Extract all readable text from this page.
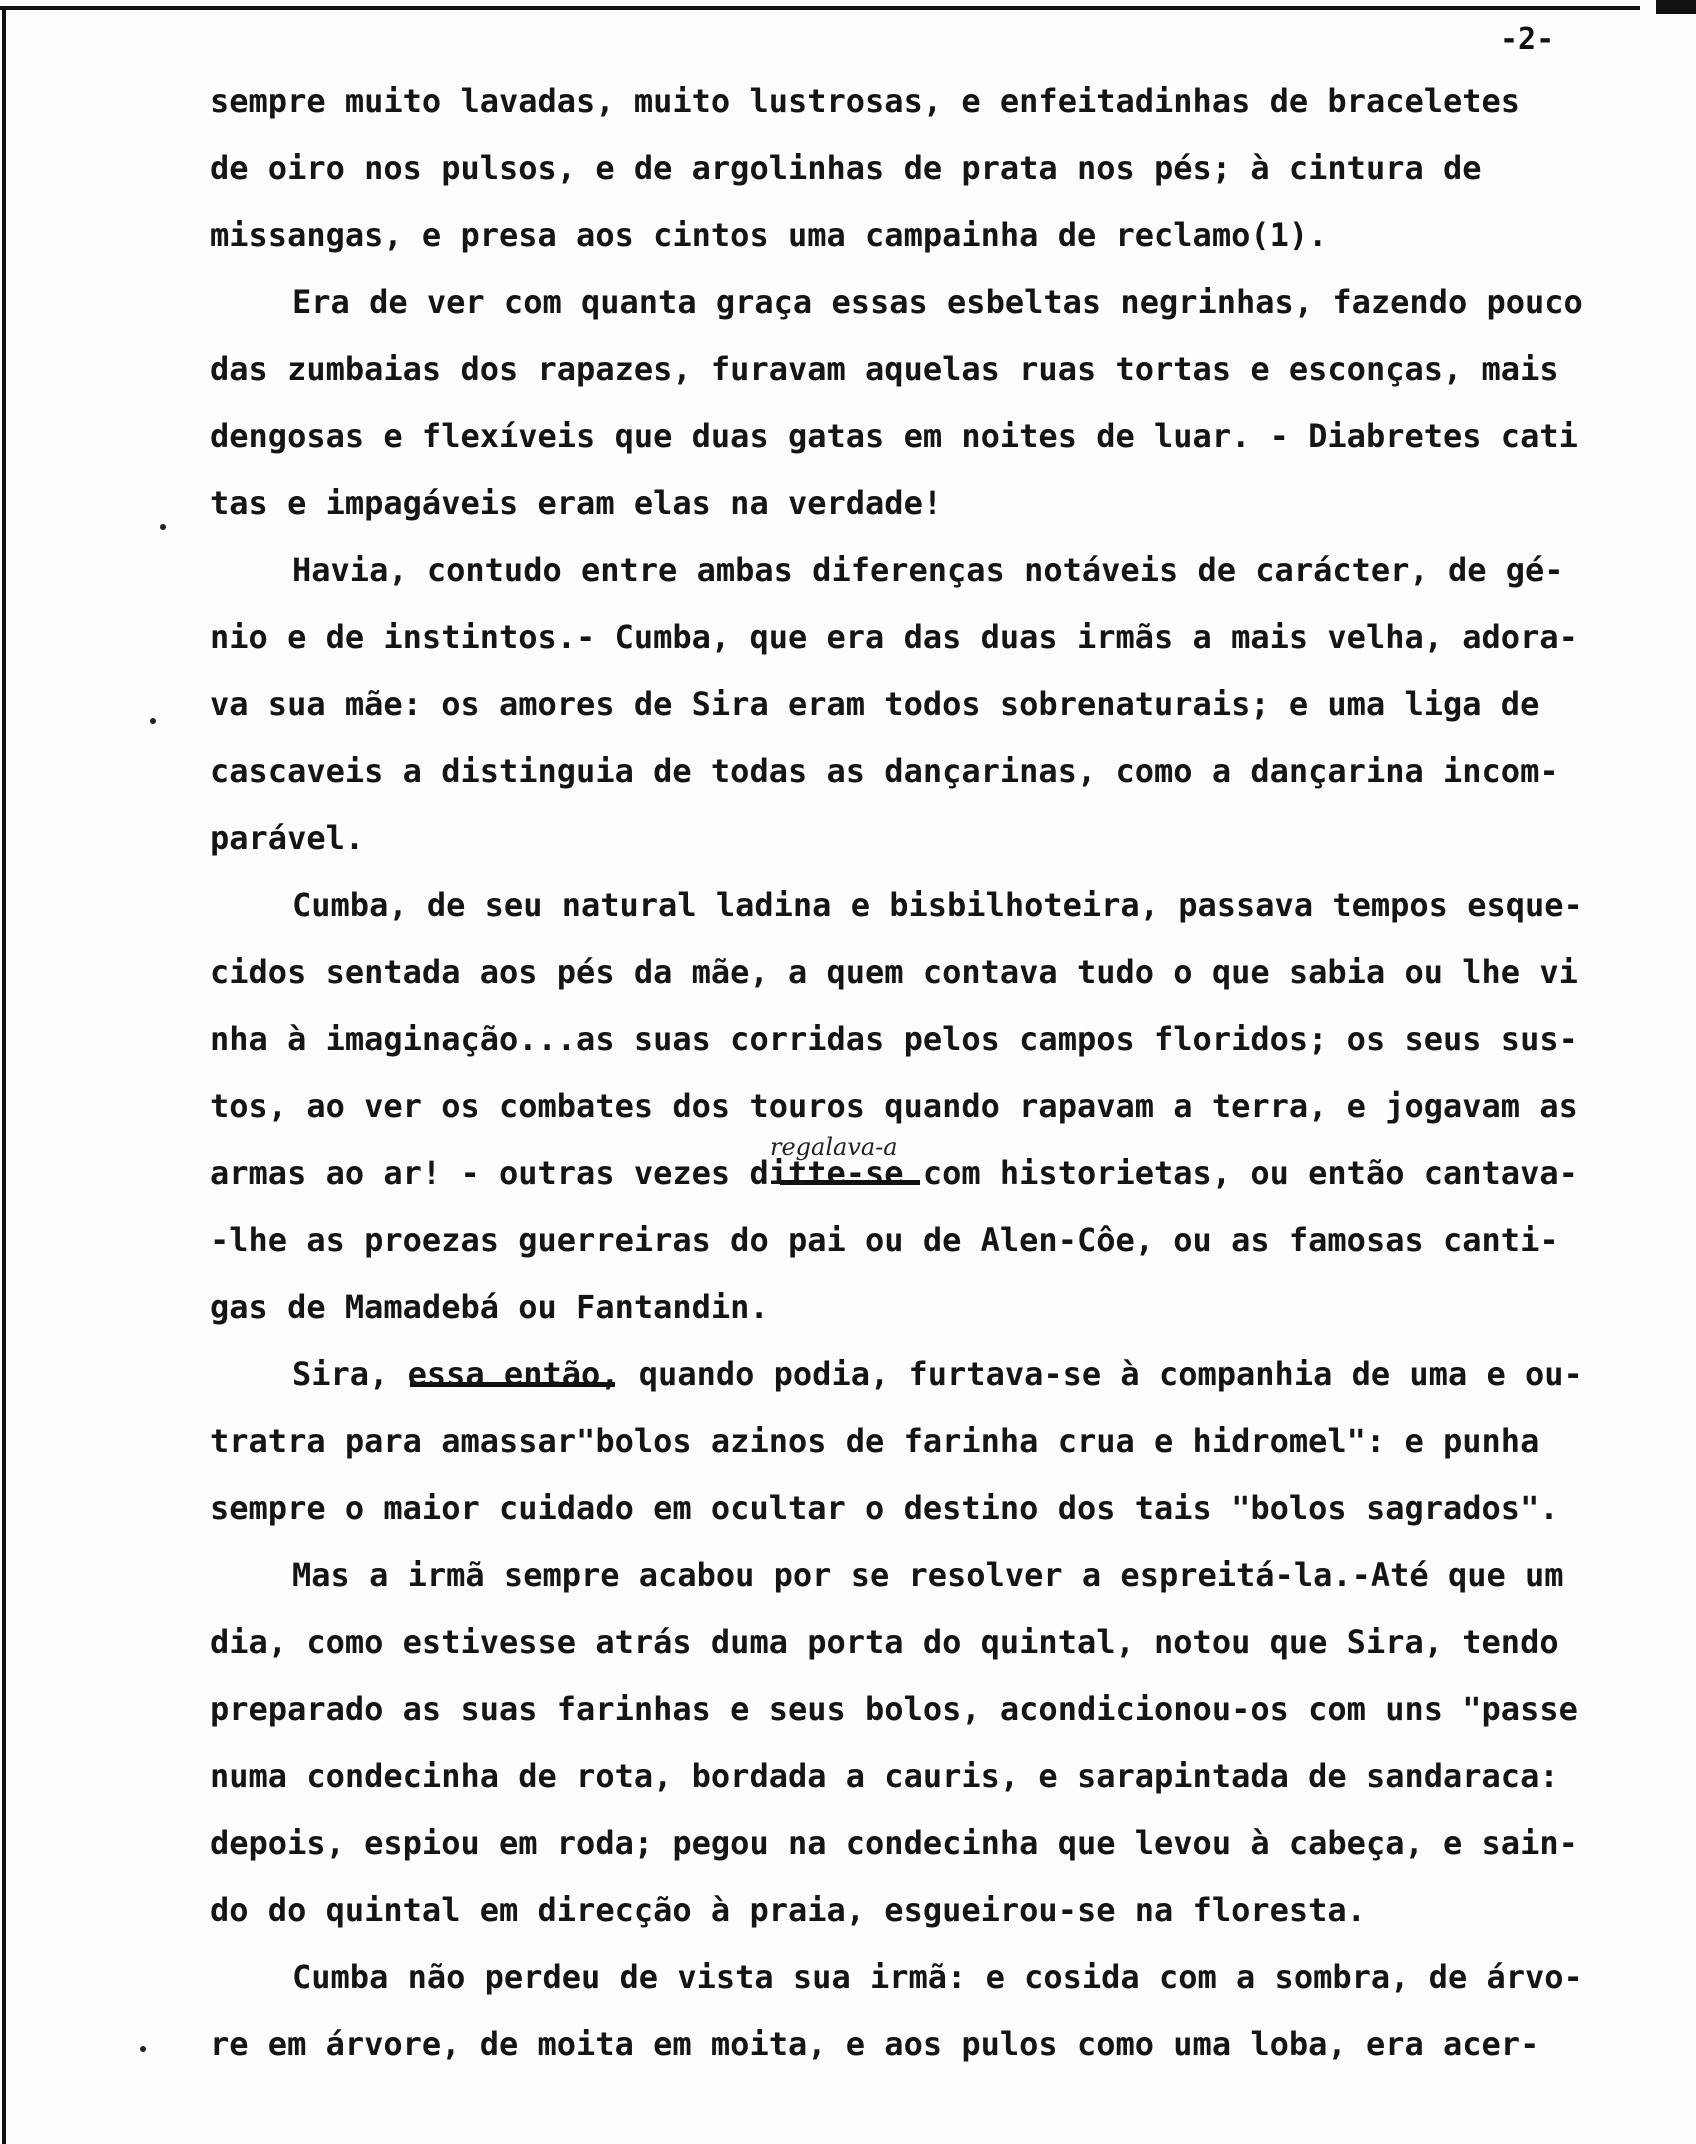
-2-
regalava-a
sempre muito lavadas, muito lustrosas, e enfeitadinhas de braceletes
de oiro nos pulsos, e de argolinhas de prata nos pés; à cintura de
missangas, e presa aos cintos uma campainha de reclamo(1).
Era de ver com quanta graça essas esbeltas negrinhas, fazendo pouco
das zumbaias dos rapazes, furavam aquelas ruas tortas e esconças, mais
dengosas e flexíveis que duas gatas em noites de luar. - Diabretes cati
tas e impagáveis eram elas na verdade!
Havia, contudo entre ambas diferenças notáveis de carácter, de gé-
nio e de instintos.- Cumba, que era das duas irmãs a mais velha, adora-
va sua mãe: os amores de Sira eram todos sobrenaturais; e uma liga de
cascaveis a distinguia de todas as dançarinas, como a dançarina incom-
parável.
Cumba, de seu natural ladina e bisbilhoteira, passava tempos esque-
cidos sentada aos pés da mãe, a quem contava tudo o que sabia ou lhe vi
nha à imaginação...as suas corridas pelos campos floridos; os seus sus-
tos, ao ver os combates dos touros quando rapavam a terra, e jogavam as
armas ao ar! - outras vezes ditte-se com historietas, ou então cantava-
-lhe as proezas guerreiras do pai ou de Alen-Côe, ou as famosas canti-
gas de Mamadebá ou Fantandin.
Sira, essa então, quando podia, furtava-se à companhia de uma e ou-
tratra para amassar"bolos azinos de farinha crua e hidromel": e punha
sempre o maior cuidado em ocultar o destino dos tais "bolos sagrados".
Mas a irmã sempre acabou por se resolver a espreitá-la.-Até que um
dia, como estivesse atrás duma porta do quintal, notou que Sira, tendo
preparado as suas farinhas e seus bolos, acondicionou-os com uns "passe
numa condecinha de rota, bordada a cauris, e sarapintada de sandaraca:
depois, espiou em roda; pegou na condecinha que levou à cabeça, e sain-
do do quintal em direcção à praia, esgueirou-se na floresta.
Cumba não perdeu de vista sua irmã: e cosida com a sombra, de árvo-
re em árvore, de moita em moita, e aos pulos como uma loba, era acer-
